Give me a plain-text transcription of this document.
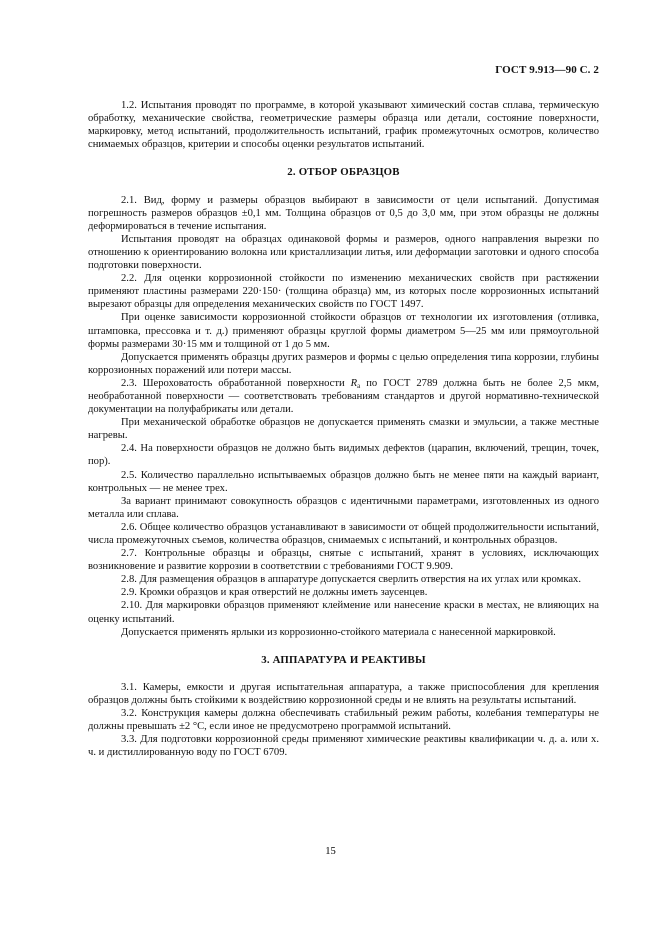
ГОСТ 9.913—90 С. 2

1.2. Испытания проводят по программе, в которой указывают химический состав сплава, термическую обработку, механические свойства, геометрические размеры образца или детали, состояние поверхности, маркировку, метод испытаний, продолжительность испытаний, график промежуточных осмотров, количество снимаемых образцов, критерии и способы оценки результатов испытаний.

2. ОТБОР ОБРАЗЦОВ

2.1. Вид, форму и размеры образцов выбирают в зависимости от цели испытаний. Допустимая погрешность размеров образцов ±0,1 мм. Толщина образцов от 0,5 до 3,0 мм, при этом образцы не должны деформироваться в течение испытания.

Испытания проводят на образцах одинаковой формы и размеров, одного направления вырезки по отношению к ориентированию волокна или кристаллизации литья, или деформации заготовки и одного способа подготовки поверхности.

2.2. Для оценки коррозионной стойкости по изменению механических свойств при растяжении применяют пластины размерами 220·150· (толщина образца) мм, из которых после коррозионных испытаний вырезают образцы для определения механических свойств по ГОСТ 1497.

При оценке зависимости коррозионной стойкости образцов от технологии их изготовления (отливка, штамповка, прессовка и т. д.) применяют образцы круглой формы диаметром 5—25 мм или прямоугольной формы размерами 30·15 мм и толщиной от 1 до 5 мм.

Допускается применять образцы других размеров и формы с целью определения типа коррозии, глубины коррозионных поражений или потери массы.

2.3. Шероховатость обработанной поверхности $R_a$ по ГОСТ 2789 должна быть не более 2,5 мкм, необработанной поверхности — соответствовать требованиям стандартов и другой нормативно-технической документации на полуфабрикаты или детали.

При механической обработке образцов не допускается применять смазки и эмульсии, а также местные нагревы.

2.4. На поверхности образцов не должно быть видимых дефектов (царапин, включений, трещин, точек, пор).

2.5. Количество параллельно испытываемых образцов должно быть не менее пяти на каждый вариант, контрольных — не менее трех.

За вариант принимают совокупность образцов с идентичными параметрами, изготовленных из одного металла или сплава.

2.6. Общее количество образцов устанавливают в зависимости от общей продолжительности испытаний, числа промежуточных съемов, количества образцов, снимаемых с испытаний, и контрольных образцов.

2.7. Контрольные образцы и образцы, снятые с испытаний, хранят в условиях, исключающих возникновение и развитие коррозии в соответствии с требованиями ГОСТ 9.909.

2.8. Для размещения образцов в аппаратуре допускается сверлить отверстия на их углах или кромках.

2.9. Кромки образцов и края отверстий не должны иметь заусенцев.

2.10. Для маркировки образцов применяют клеймение или нанесение краски в местах, не влияющих на оценку испытаний.

Допускается применять ярлыки из коррозионно-стойкого материала с нанесенной маркировкой.

3. АППАРАТУРА И РЕАКТИВЫ

3.1. Камеры, емкости и другая испытательная аппаратура, а также приспособления для крепления образцов должны быть стойкими к воздействию коррозионной среды и не влиять на результаты испытаний.

3.2. Конструкция камеры должна обеспечивать стабильный режим работы, колебания температуры не должны превышать ±2 °С, если иное не предусмотрено программой испытаний.

3.3. Для подготовки коррозионной среды применяют химические реактивы квалификации ч. д. а. или х. ч. и дистиллированную воду по ГОСТ 6709.

15
